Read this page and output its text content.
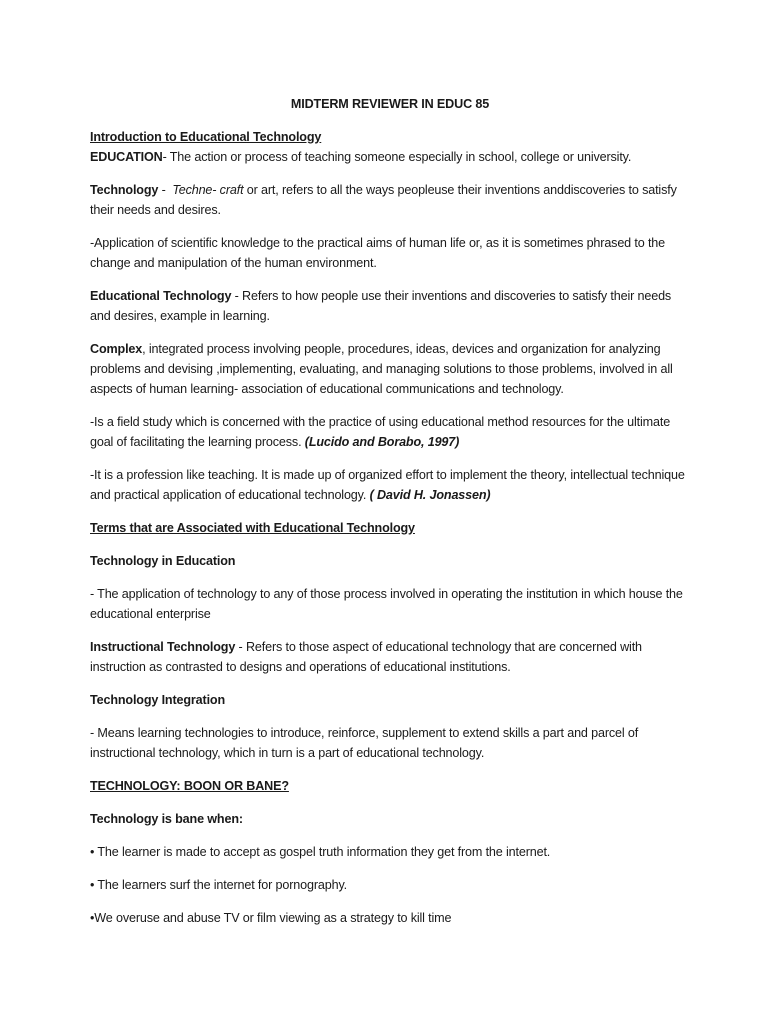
MIDTERM REVIEWER IN EDUC 85

Introduction to Educational Technology

EDUCATION- The action or process of teaching someone especially in school, college or university.

Technology -  Techne- craft or art, refers to all the ways peopleuse their inventions anddiscoveries to satisfy their needs and desires.

-Application of scientific knowledge to the practical aims of human life or, as it is sometimes phrased to the change and manipulation of the human environment.

Educational Technology - Refers to how people use their inventions and discoveries to satisfy their needs and desires, example in learning.

Complex, integrated process involving people, procedures, ideas, devices and organization for analyzing problems and devising ,implementing, evaluating, and managing solutions to those problems, involved in all aspects of human learning- association of educational communications and technology.

-Is a field study which is concerned with the practice of using educational method resources for the ultimate goal of facilitating the learning process. (Lucido and Borabo, 1997)

-It is a profession like teaching. It is made up of organized effort to implement the theory, intellectual technique and practical application of educational technology. ( David H. Jonassen)

Terms that are Associated with Educational Technology

Technology in Education

- The application of technology to any of those process involved in operating the institution in which house the educational enterprise

Instructional Technology - Refers to those aspect of educational technology that are concerned with instruction as contrasted to designs and operations of educational institutions.

Technology Integration

- Means learning technologies to introduce, reinforce, supplement to extend skills a part and parcel of instructional technology, which in turn is a part of educational technology.

TECHNOLOGY: BOON OR BANE?

Technology is bane when:

• The learner is made to accept as gospel truth information they get from the internet.

• The learners surf the internet for pornography.

•We overuse and abuse TV or film viewing as a strategy to kill time
